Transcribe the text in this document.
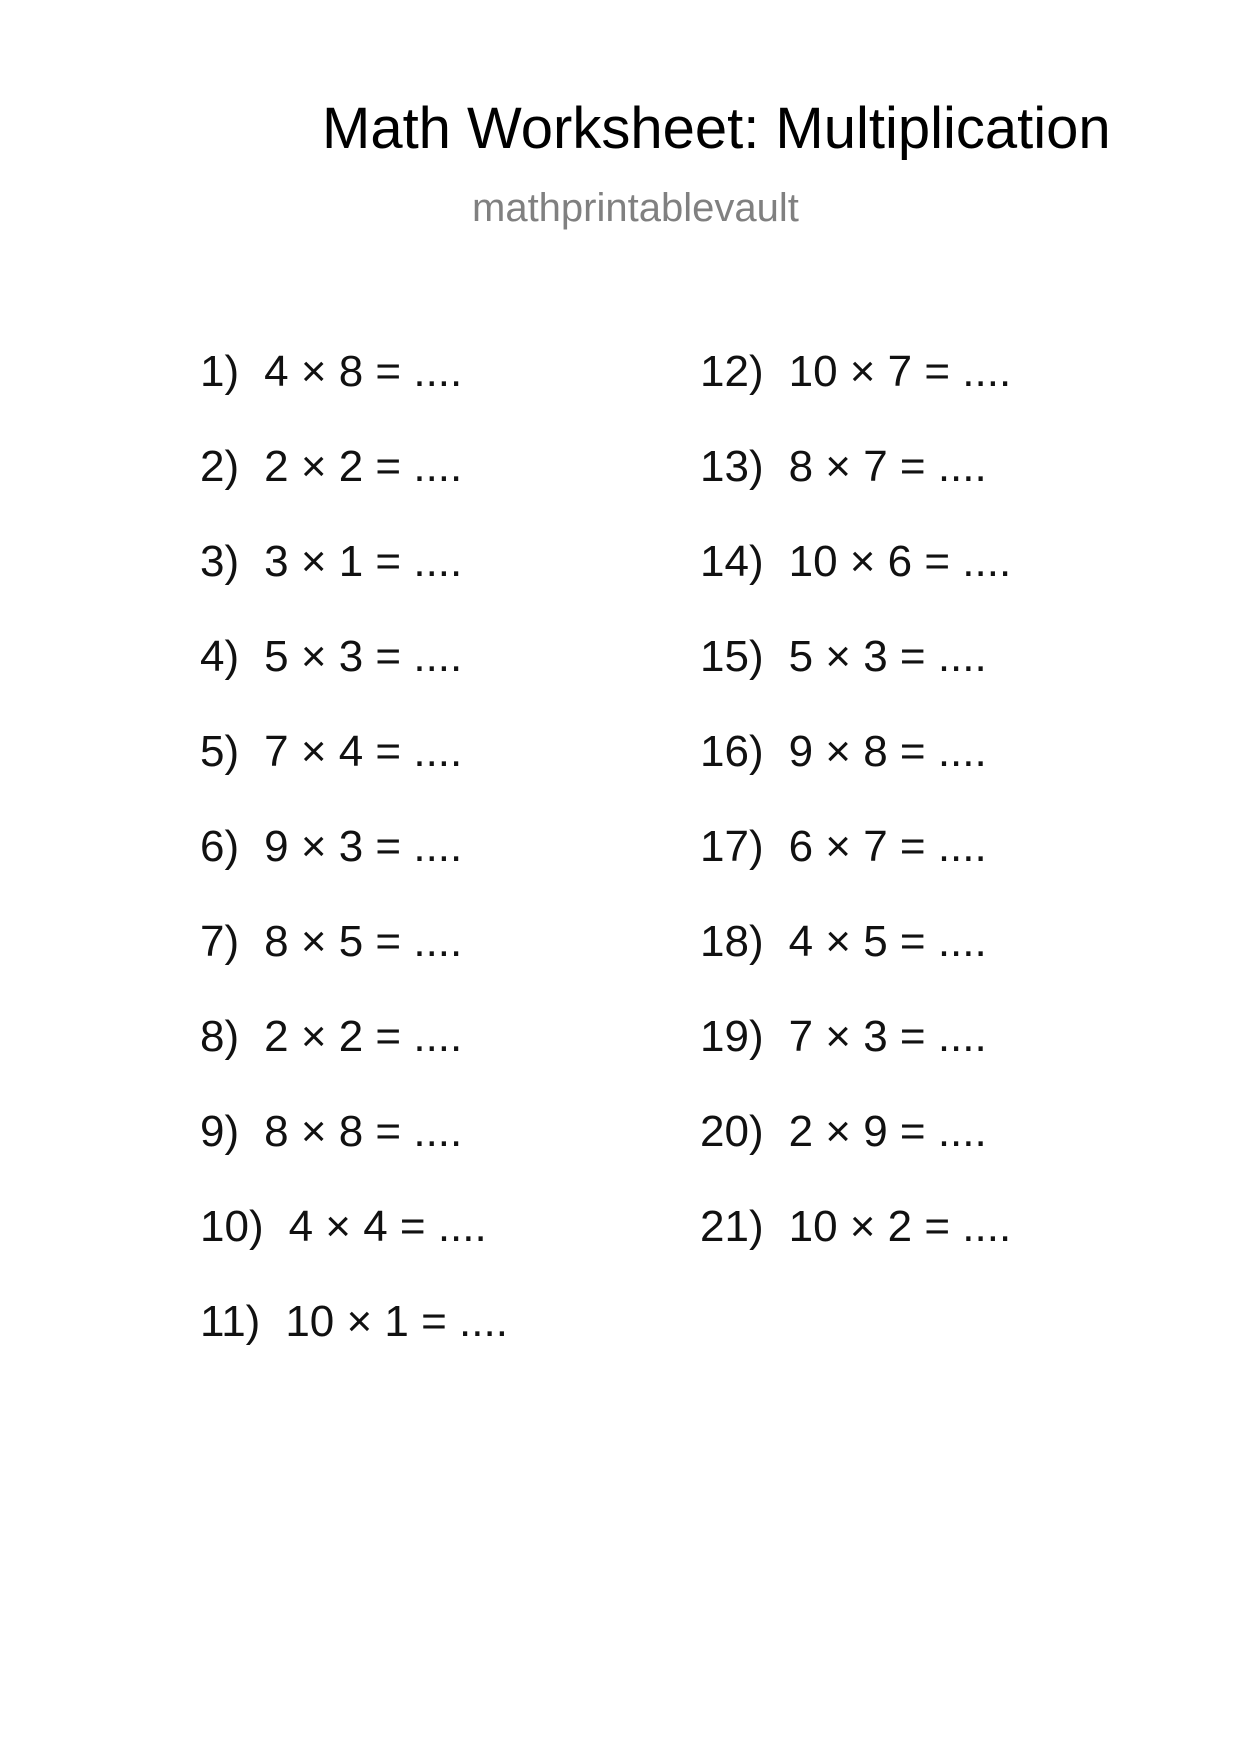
Math Worksheet: Multiplication
mathprintablevault
1) 4 × 8 = ....
2) 2 × 2 = ....
3) 3 × 1 = ....
4) 5 × 3 = ....
5) 7 × 4 = ....
6) 9 × 3 = ....
7) 8 × 5 = ....
8) 2 × 2 = ....
9) 8 × 8 = ....
10) 4 × 4 = ....
11) 10 × 1 = ....
12) 10 × 7 = ....
13) 8 × 7 = ....
14) 10 × 6 = ....
15) 5 × 3 = ....
16) 9 × 8 = ....
17) 6 × 7 = ....
18) 4 × 5 = ....
19) 7 × 3 = ....
20) 2 × 9 = ....
21) 10 × 2 = ....
